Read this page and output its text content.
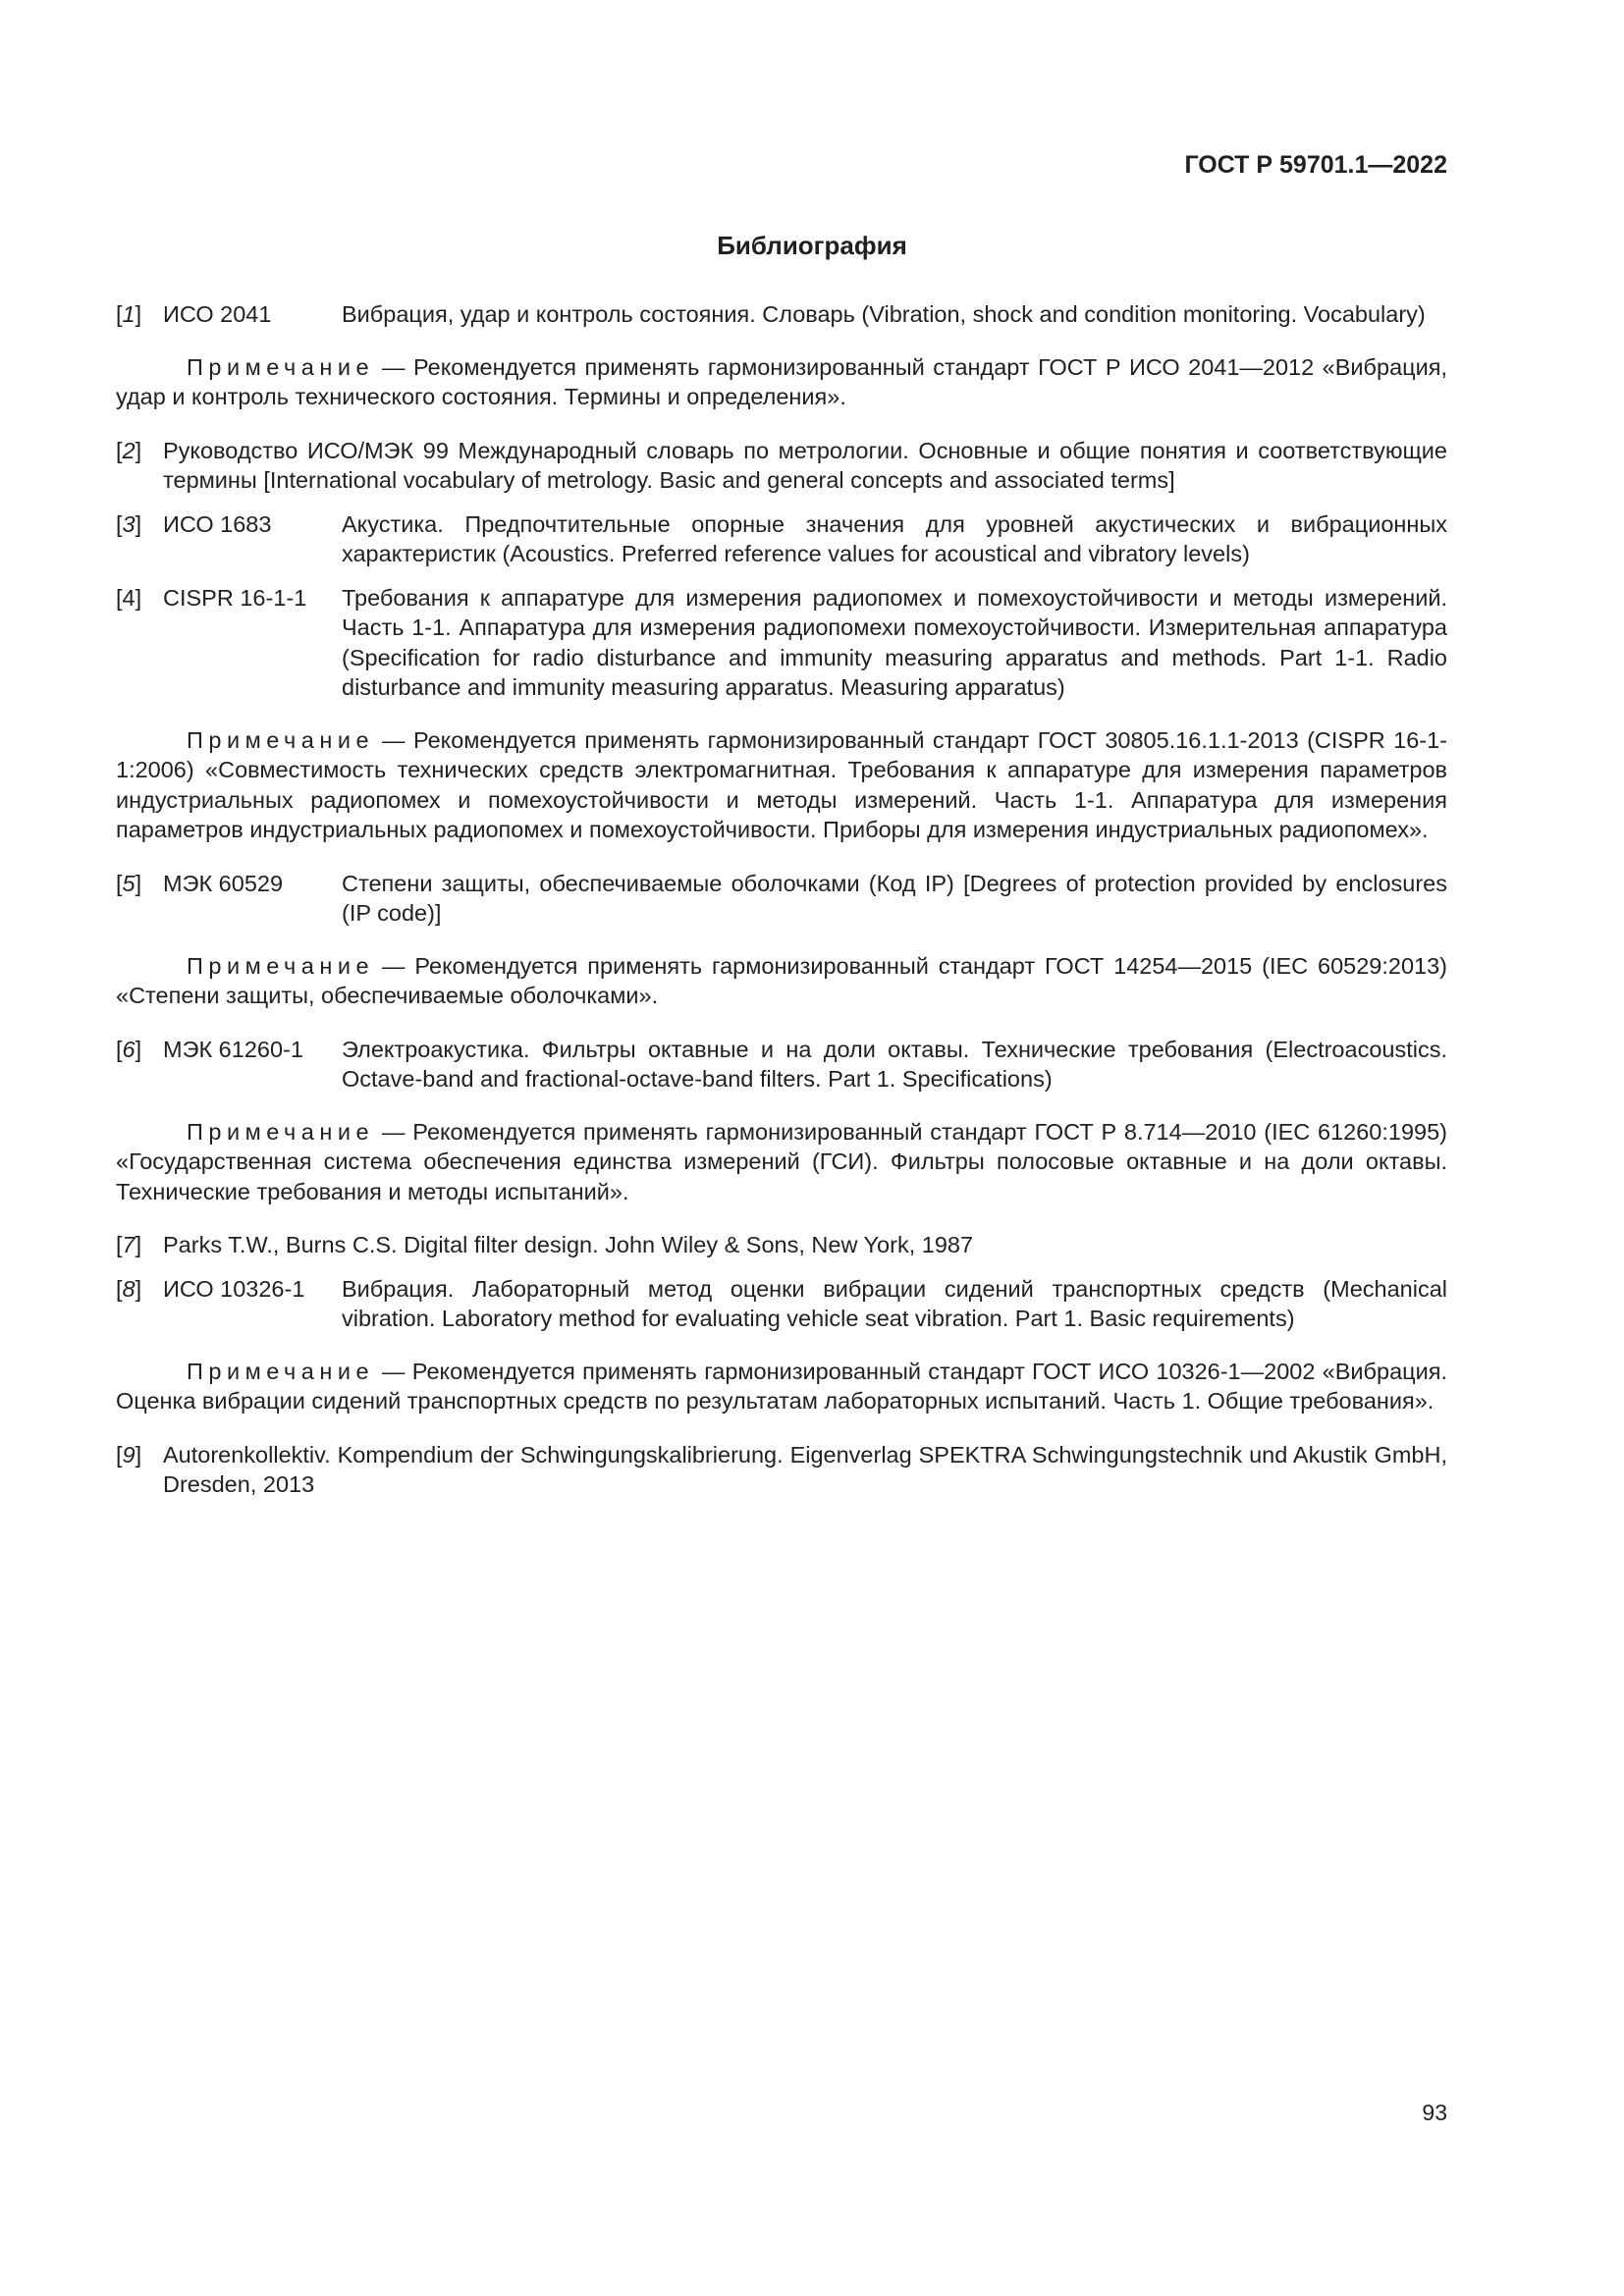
ГОСТ Р 59701.1—2022
Библиография
[1] ИСО 2041	Вибрация, удар и контроль состояния. Словарь (Vibration, shock and condition monitoring. Vocabulary)
Примечание — Рекомендуется применять гармонизированный стандарт ГОСТ Р ИСО 2041—2012 «Вибрация, удар и контроль технического состояния. Термины и определения».
[2] Руководство ИСО/МЭК 99 Международный словарь по метрологии. Основные и общие понятия и соответствующие термины [International vocabulary of metrology. Basic and general concepts and associated terms]
[3] ИСО 1683	Акустика. Предпочтительные опорные значения для уровней акустических и вибрационных характеристик (Acoustics. Preferred reference values for acoustical and vibratory levels)
[4] CISPR 16-1-1	Требования к аппаратуре для измерения радиопомех и помехоустойчивости и методы измерений. Часть 1-1. Аппаратура для измерения радиопомехи помехоустойчивости. Измерительная аппаратура (Specification for radio disturbance and immunity measuring apparatus and methods. Part 1-1. Radio disturbance and immunity measuring apparatus. Measuring apparatus)
Примечание — Рекомендуется применять гармонизированный стандарт ГОСТ 30805.16.1.1-2013 (CISPR 16-1-1:2006) «Совместимость технических средств электромагнитная. Требования к аппаратуре для измерения параметров индустриальных радиопомех и помехоустойчивости и методы измерений. Часть 1-1. Аппаратура для измерения параметров индустриальных радиопомех и помехоустойчивости. Приборы для измерения индустриальных радиопомех».
[5] МЭК 60529	Степени защиты, обеспечиваемые оболочками (Код IP) [Degrees of protection provided by enclosures (IP code)]
Примечание — Рекомендуется применять гармонизированный стандарт ГОСТ 14254—2015 (IEC 60529:2013) «Степени защиты, обеспечиваемые оболочками».
[6] МЭК 61260-1	Электроакустика. Фильтры октавные и на доли октавы. Технические требования (Electroacoustics. Octave-band and fractional-octave-band filters. Part 1. Specifications)
Примечание — Рекомендуется применять гармонизированный стандарт ГОСТ Р 8.714—2010 (IEC 61260:1995) «Государственная система обеспечения единства измерений (ГСИ). Фильтры полосовые октавные и на доли октавы. Технические требования и методы испытаний».
[7] Parks T.W., Burns C.S. Digital filter design. John Wiley & Sons, New York, 1987
[8] ИСО 10326-1	Вибрация. Лабораторный метод оценки вибрации сидений транспортных средств (Mechanical vibration. Laboratory method for evaluating vehicle seat vibration. Part 1. Basic requirements)
Примечание — Рекомендуется применять гармонизированный стандарт ГОСТ ИСО 10326-1—2002 «Вибрация. Оценка вибрации сидений транспортных средств по результатам лабораторных испытаний. Часть 1. Общие требования».
[9] Autorenkollektiv. Kompendium der Schwingungskalibrierung. Eigenverlag SPEKTRA Schwingungstechnik und Akustik GmbH, Dresden, 2013
93
